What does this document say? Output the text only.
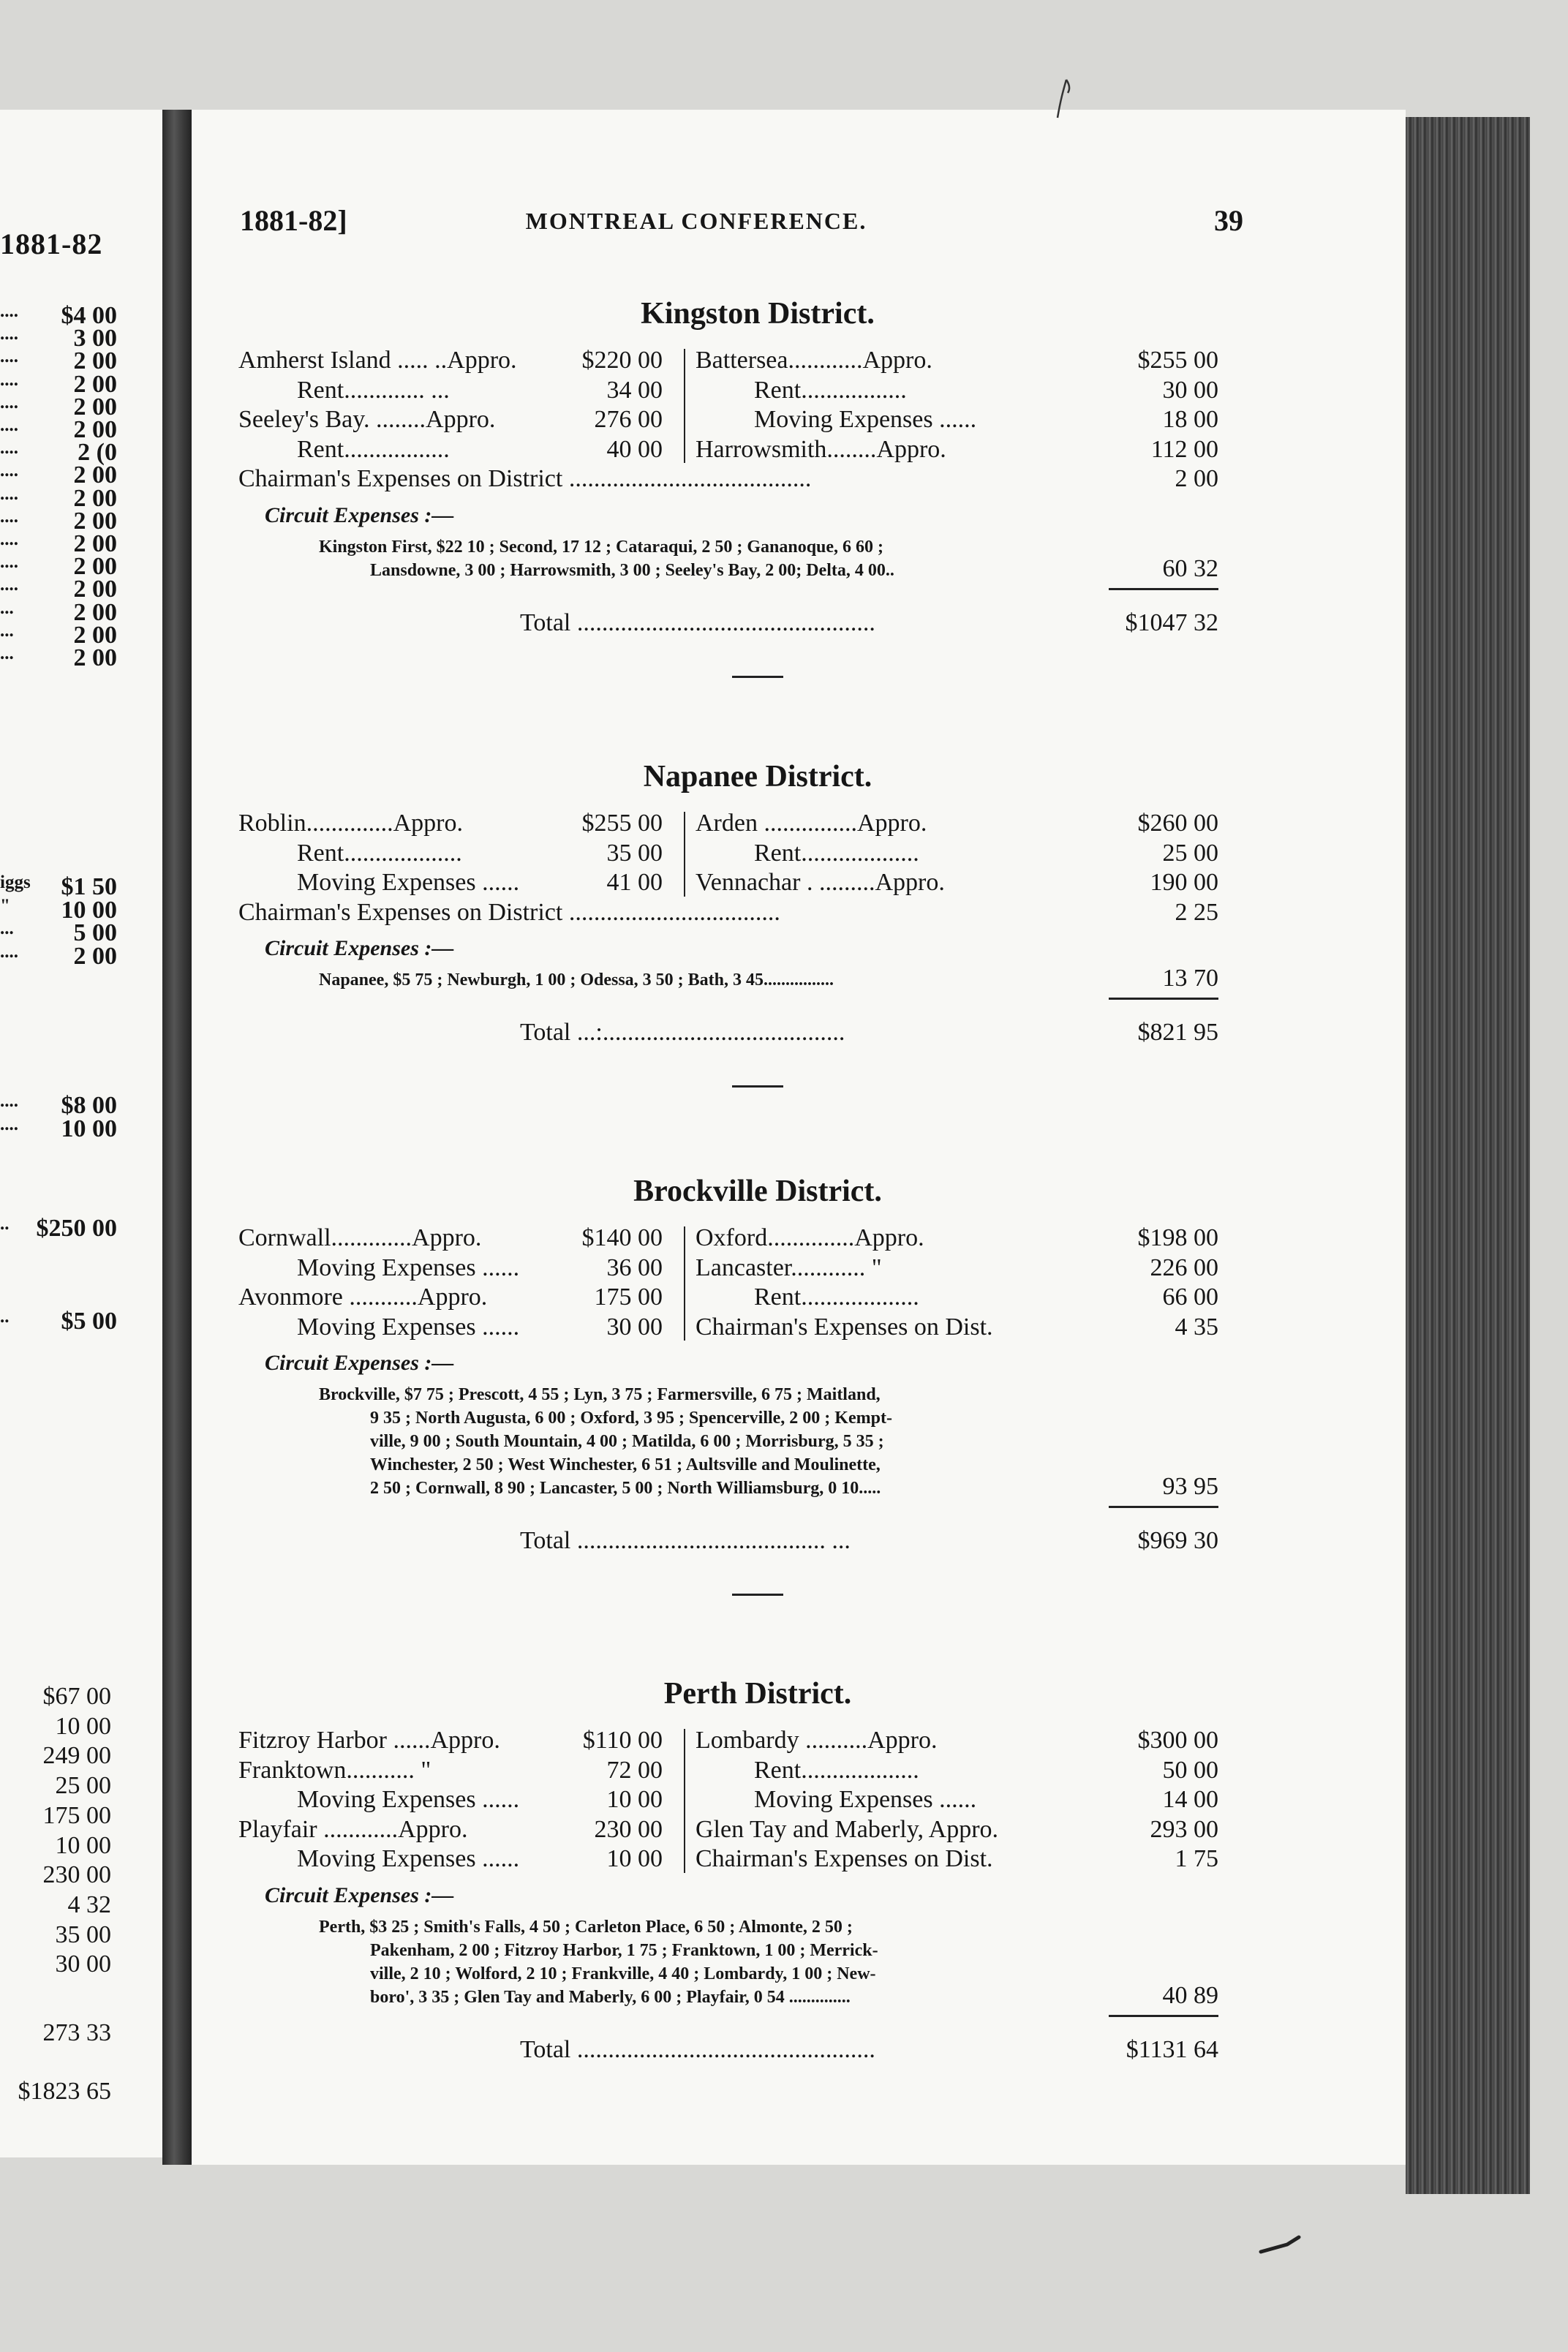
1881-82
.... $4 00
.... 3 00
.... 2 00
.... 2 00
.... 2 00
.... 2 00
.... 2 (0
.... 2 00
.... 2 00
.... 2 00
.... 2 00
.... 2 00
.... 2 00
... 2 00
... 2 00
... 2 00
iggs $1 50
" 10 00
... 5 00
.... 2 00
.... $8 00
.... 10 00
.. $250 00
.. $5 00
$67 00
10 00
249 00
25 00
175 00
10 00
230 00
4 32
35 00
30 00
273 33
$1823 65
1881-82]	MONTREAL CONFERENCE.	39
Kingston District.
Amherst Island ..... ..Appro.	$220 00
Rent............. ...	34 00
Seeley's Bay. ........Appro.	276 00
Rent.................	40 00
Battersea............Appro.	$255 00
Rent.................	30 00
Moving Expenses ......	18 00
Harrowsmith........Appro.	112 00
Chairman's Expenses on District .......................................	2 00
Circuit Expenses :—
Kingston First, $22 10 ; Second, 17 12 ; Cataraqui, 2 50 ; Gananoque, 6 60 ;
Lansdowne, 3 00 ; Harrowsmith, 3 00 ; Seeley's Bay, 2 00; Delta, 4 00..	60 32
Total ................................................	$1047 32
Napanee District.
Roblin..............Appro.	$255 00
Rent...................	35 00
Moving Expenses ......	41 00
Arden ...............Appro.	$260 00
Rent...................	25 00
Vennachar . .........Appro.	190 00
Chairman's Expenses on District ..................................	2 25
Circuit Expenses :—
Napanee, $5 75 ; Newburgh, 1 00 ; Odessa, 3 50 ; Bath, 3 45................	13 70
Total ...:.......................................	$821 95
Brockville District.
Cornwall.............Appro.	$140 00
Moving Expenses ......	36 00
Avonmore ...........Appro.	175 00
Moving Expenses ......	30 00
Oxford..............Appro.	$198 00
Lancaster............ "	226 00
Rent...................	66 00
Chairman's Expenses on Dist.	4 35
Circuit Expenses :—
Brockville, $7 75 ; Prescott, 4 55 ; Lyn, 3 75 ; Farmersville, 6 75 ; Maitland,
9 35 ; North Augusta, 6 00 ; Oxford, 3 95 ; Spencerville, 2 00 ; Kempt-
ville, 9 00 ; South Mountain, 4 00 ; Matilda, 6 00 ; Morrisburg, 5 35 ;
Winchester, 2 50 ; West Winchester, 6 51 ; Aultsville and Moulinette,
2 50 ; Cornwall, 8 90 ; Lancaster, 5 00 ; North Williamsburg, 0 10.....	93 95
Total ........................................ ...	$969 30
Perth District.
Fitzroy Harbor ......Appro.	$110 00
Franktown........... "	72 00
Moving Expenses ......	10 00
Playfair ............Appro.	230 00
Moving Expenses ......	10 00
Lombardy ..........Appro.	$300 00
Rent...................	50 00
Moving Expenses ......	14 00
Glen Tay and Maberly, Appro.	293 00
Chairman's Expenses on Dist.	1 75
Circuit Expenses :—
Perth, $3 25 ; Smith's Falls, 4 50 ; Carleton Place, 6 50 ; Almonte, 2 50 ;
Pakenham, 2 00 ; Fitzroy Harbor, 1 75 ; Franktown, 1 00 ; Merrick-
ville, 2 10 ; Wolford, 2 10 ; Frankville, 4 40 ; Lombardy, 1 00 ; New-
boro', 3 35 ; Glen Tay and Maberly, 6 00 ; Playfair, 0 54 ..............	40 89
Total ................................................	$1131 64
